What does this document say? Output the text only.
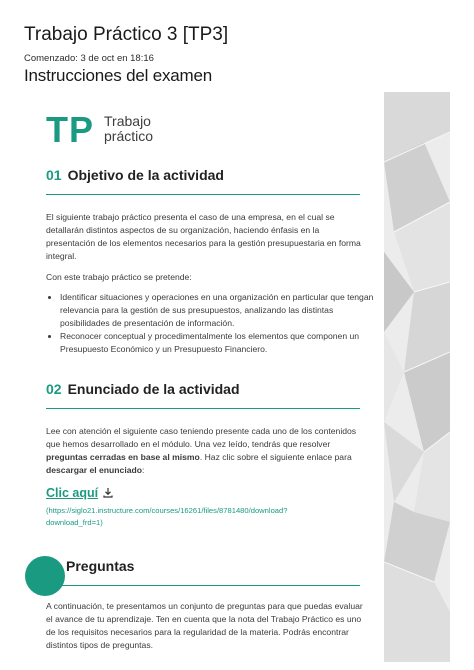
Trabajo Práctico 3 [TP3]
Comenzado: 3 de oct en 18:16
Instrucciones del examen
TP Trabajo
práctico
01 Objetivo de la actividad

El siguiente trabajo práctico presenta el caso de una empresa, en el cual se detallarán distintos aspectos de su organización, haciendo énfasis en la presentación de los elementos necesarios para la gestión presupuestaria en forma integral.

Con este trabajo práctico se pretende:

• Identificar situaciones y operaciones en una organización en particular que tengan relevancia para la gestión de sus presupuestos, analizando las distintas posibilidades de presentación de información.
• Reconocer conceptual y procedimentalmente los elementos que componen un Presupuesto Económico y un Presupuesto Financiero.
02 Enunciado de la actividad

Lee con atención el siguiente caso teniendo presente cada uno de los contenidos que hemos desarrollado en el módulo. Una vez leído, tendrás que resolver preguntas cerradas en base al mismo. Haz clic sobre el siguiente enlace para descargar el enunciado:

Clic aquí
(https://siglo21.instructure.com/courses/16261/files/8781480/download?download_frd=1)
Preguntas

A continuación, te presentamos un conjunto de preguntas para que puedas evaluar el avance de tu aprendizaje. Ten en cuenta que la nota del Trabajo Práctico es uno de los requisitos necesarios para la regularidad de la materia. Podrás encontrar distintos tipos de preguntas.
